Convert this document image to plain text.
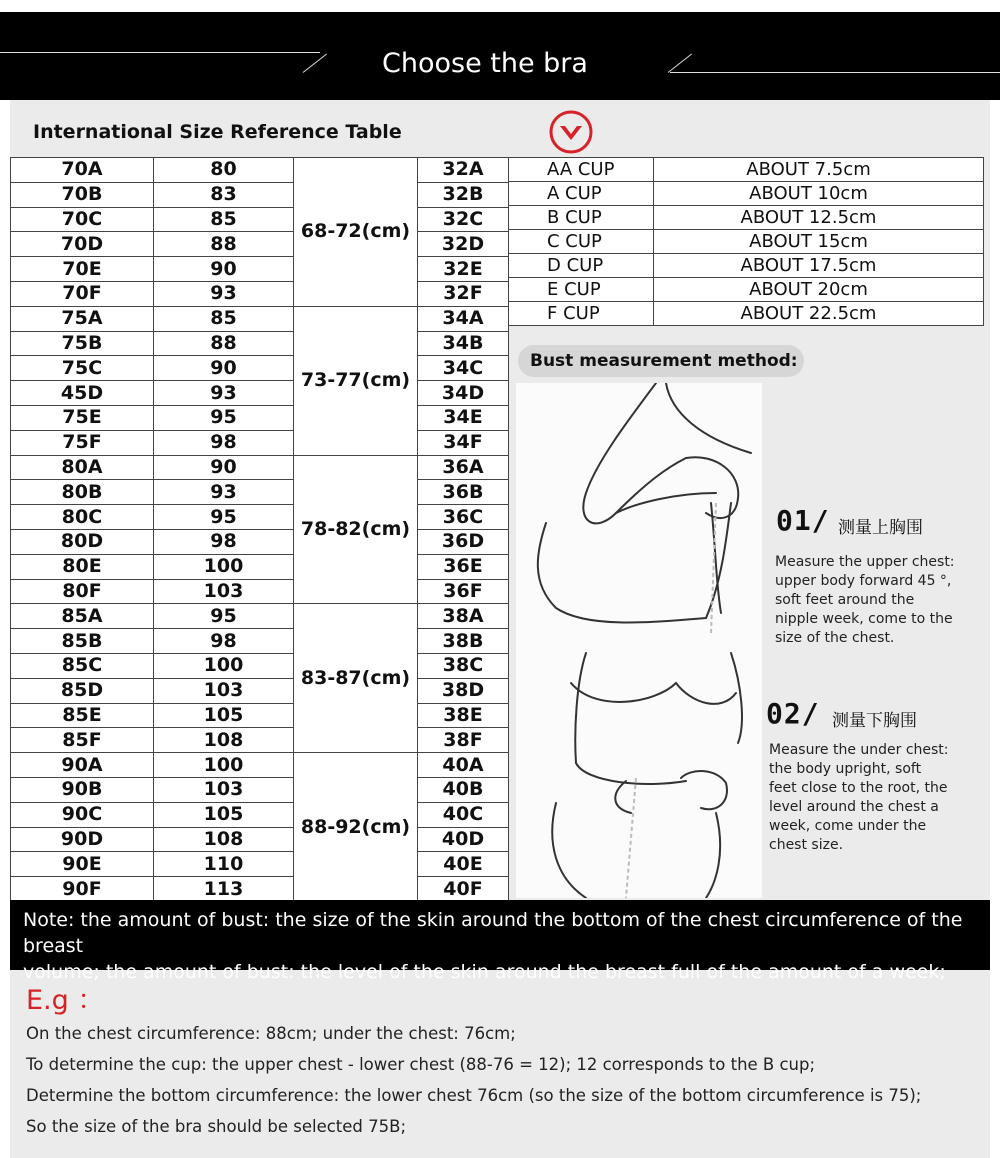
Choose the bra
International Size Reference Table
70A	80	68-72(cm)	32A
70B	83		32B
70C	85		32C
70D	88		32D
70E	90		32E
70F	93		32F
75A	85	73-77(cm)	34A
75B	88		34B
75C	90		34C
45D	93		34D
75E	95		34E
75F	98		34F
80A	90	78-82(cm)	36A
80B	93		36B
80C	95		36C
80D	98		36D
80E	100		36E
80F	103		36F
85A	95	83-87(cm)	38A
85B	98		38B
85C	100		38C
85D	103		38D
85E	105		38E
85F	108		38F
90A	100	88-92(cm)	40A
90B	103		40B
90C	105		40C
90D	108		40D
90E	110		40E
90F	113		40F
AA CUP	ABOUT 7.5cm
A CUP	ABOUT 10cm
B CUP	ABOUT 12.5cm
C CUP	ABOUT 15cm
D CUP	ABOUT 17.5cm
E CUP	ABOUT 20cm
F CUP	ABOUT 22.5cm
Bust measurement method:
01/ 测量上胸围
Measure the upper chest:
upper body forward 45 °,
soft feet around the
nipple week, come to the
size of the chest.
02/ 测量下胸围
Measure the under chest:
the body upright, soft
feet close to the root, the
level around the chest a
week, come under the
chest size.
Note: the amount of bust: the size of the skin around the bottom of the chest circumference of the breast
volume; the amount of bust: the level of the skin around the breast full of the amount of a week;
E.g ：
On the chest circumference: 88cm; under the chest: 76cm;
To determine the cup: the upper chest - lower chest (88-76 = 12); 12 corresponds to the B cup;
Determine the bottom circumference: the lower chest 76cm (so the size of the bottom circumference is 75);
So the size of the bra should be selected 75B;
